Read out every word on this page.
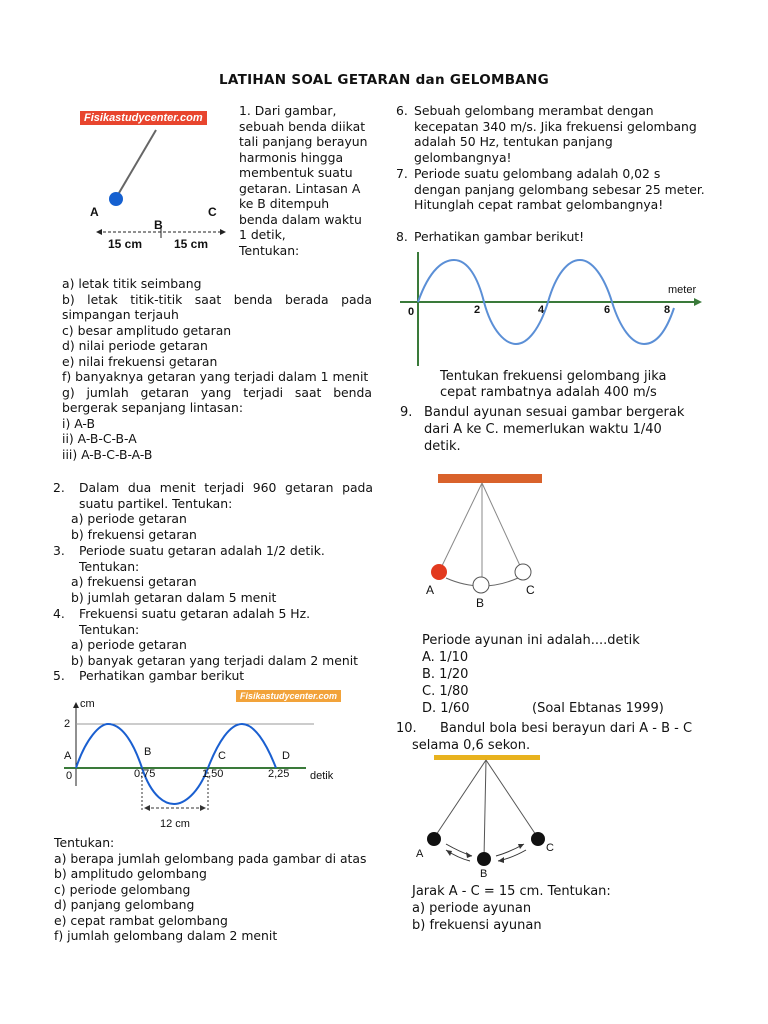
LATIHAN SOAL GETARAN dan GELOMBANG
Fisikastudycenter.com
A
B
C
15 cm	15 cm
1. Dari gambar,
sebuah benda diikat
tali panjang berayun
harmonis hingga
membentuk suatu
getaran. Lintasan A
ke B ditempuh
benda dalam waktu
1 detik,
Tentukan:
a) letak titik seimbang
b) letak titik-titik saat benda berada pada simpangan terjauh
c) besar amplitudo getaran
d) nilai periode getaran
e) nilai frekuensi getaran
f) banyaknya getaran yang terjadi dalam 1 menit
g) jumlah getaran yang terjadi saat benda bergerak sepanjang lintasan:
i) A-B
ii) A-B-C-B-A
iii) A-B-C-B-A-B
2.	Dalam dua menit terjadi 960 getaran pada suatu partikel. Tentukan:
a) periode getaran
b) frekuensi getaran
3. Periode suatu getaran adalah 1/2 detik.
Tentukan:
a) frekuensi getaran
b) jumlah getaran dalam 5 menit
4. Frekuensi suatu getaran adalah 5 Hz.
Tentukan:
a) periode getaran
b) banyak getaran yang terjadi dalam 2 menit
5. Perhatikan gambar berikut
Fisikastudycenter.com
cm
2
A
0
B	C	D
0,75	1,50	2,25 detik
12 cm
Tentukan:
a) berapa jumlah gelombang pada gambar di atas
b) amplitudo gelombang
c) periode gelombang
d) panjang gelombang
e) cepat rambat gelombang
f) jumlah gelombang dalam 2 menit
6. Sebuah gelombang merambat dengan
kecepatan 340 m/s. Jika frekuensi gelombang
adalah 50 Hz, tentukan panjang
gelombangnya!
7. Periode suatu gelombang adalah 0,02 s
dengan panjang gelombang sebesar 25 meter.
Hitunglah cepat rambat gelombangnya!
8. Perhatikan gambar berikut!
meter
0	2	4	6	8
Tentukan frekuensi gelombang jika
cepat rambatnya adalah 400 m/s
9. Bandul ayunan sesuai gambar bergerak
dari A ke C. memerlukan waktu 1/40
detik.
A
B
C
Periode ayunan ini adalah....detik
A. 1/10
B. 1/20
C. 1/80
D. 1/60	(Soal Ebtanas 1999)
10. Bandul bola besi berayun dari A - B - C
selama 0,6 sekon.
A
B
C
Jarak A - C = 15 cm. Tentukan:
a) periode ayunan
b) frekuensi ayunan
